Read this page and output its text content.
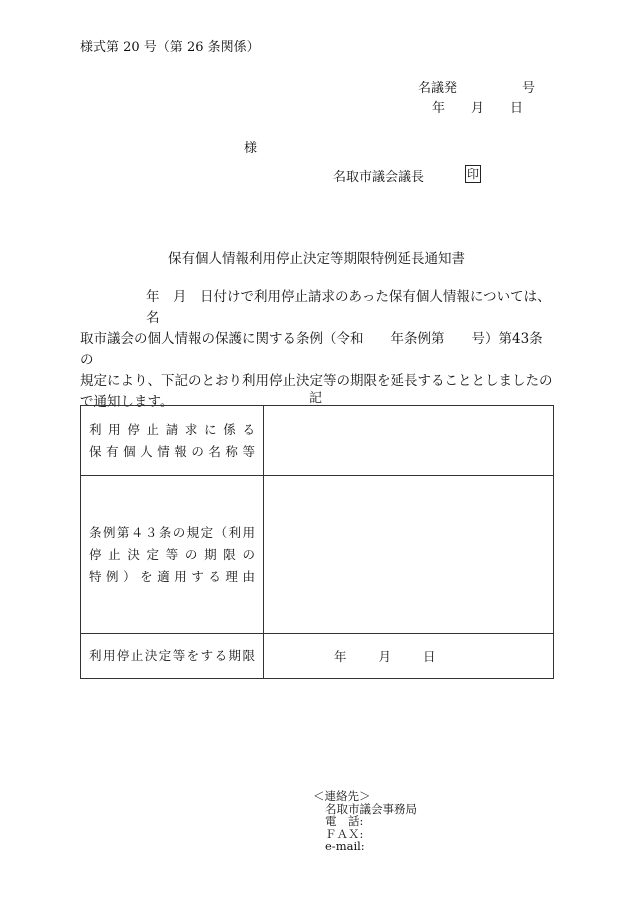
様式第 20 号（第 26 条関係）
名議発　　　　　号
年　　月　　日
様
名取市議会議長	印
保有個人情報利用停止決定等期限特例延長通知書

年　月　日付けで利用停止請求のあった保有個人情報については、名

取市議会の個人情報の保護に関する条例（令和　　年条例第　　号）第43条の

規定により、下記のとおり利用停止決定等の期限を延長することとしましたの

で通知します。	記
利用停止請求に係る
保有個人情報の名称等	

条例第４３条の規定（利用
停止決定等の期限の
特例）を適用する理由	

利用停止決定等をする期限	年 月 日
＜連絡先＞
名取市議会事務局
電　話:
ＦＡＸ:
e-mail:
